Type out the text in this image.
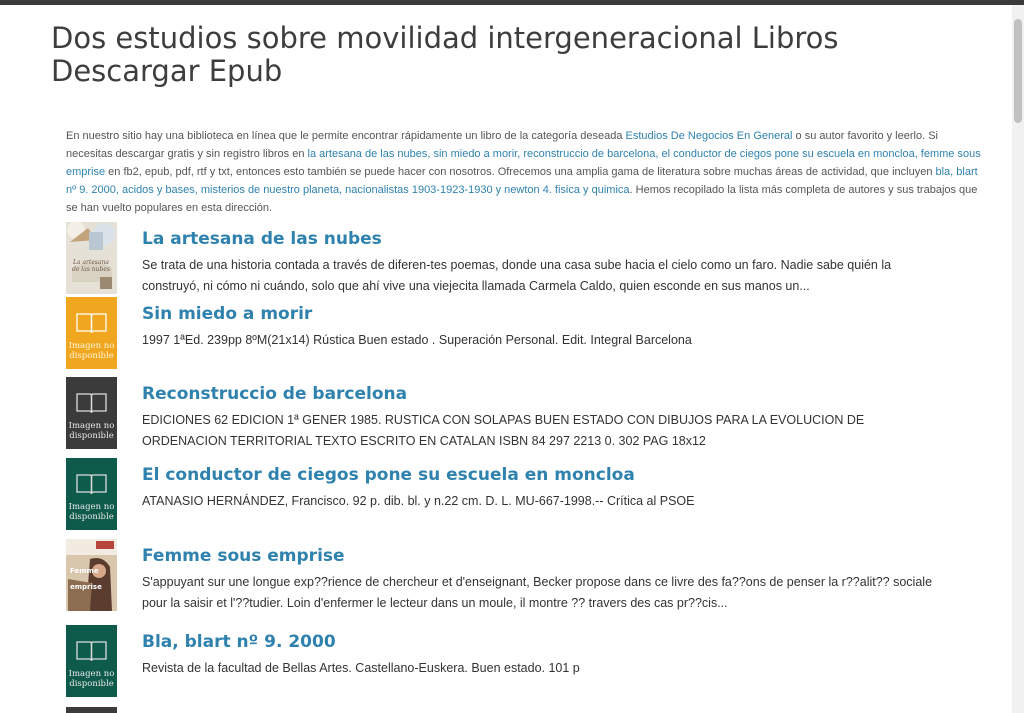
Dos estudios sobre movilidad intergeneracional Libros Descargar Epub

En nuestro sitio hay una biblioteca en línea que le permite encontrar rápidamente un libro de la categoría deseada Estudios De Negocios En General o su autor favorito y leerlo. Si necesitas descargar gratis y sin registro libros en la artesana de las nubes, sin miedo a morir, reconstruccio de barcelona, el conductor de ciegos pone su escuela en moncloa, femme sous emprise en fb2, epub, pdf, rtf y txt, entonces esto también se puede hacer con nosotros. Ofrecemos una amplia gama de literatura sobre muchas áreas de actividad, que incluyen bla, blart nº 9. 2000, acidos y bases, misterios de nuestro planeta, nacionalistas 1903-1923-1930 y newton 4. fisica y quimica. Hemos recopilado la lista más completa de autores y sus trabajos que se han vuelto populares en esta dirección.

La artesana
de las nubes
La artesana de las nubes

Se trata de una historia contada a través de diferen-tes poemas, donde una casa sube hacia el cielo como un faro. Nadie sabe quién la construyó, ni cómo ni cuándo, solo que ahí vive una viejecita llamada Carmela Caldo, quien esconde en sus manos un...

Imagen no disponible
Sin miedo a morir

1997 1ªEd. 239pp 8ºM(21x14) Rústica Buen estado . Superación Personal. Edit. Integral Barcelona

Imagen no disponible
Reconstruccio de barcelona

EDICIONES 62 EDICION 1ª GENER 1985. RUSTICA CON SOLAPAS BUEN ESTADO CON DIBUJOS PARA LA EVOLUCION DE ORDENACION TERRITORIAL TEXTO ESCRITO EN CATALAN ISBN 84 297 2213 0. 302 PAG 18x12

Imagen no disponible
El conductor de ciegos pone su escuela en moncloa

ATANASIO HERNÁNDEZ, Francisco. 92 p. dib. bl. y n.22 cm. D. L. MU-667-1998.-- Crítica al PSOE

Femme
emprise
Femme sous emprise

S'appuyant sur une longue exp??rience de chercheur et d'enseignant, Becker propose dans ce livre des fa??ons de penser la r??alit?? sociale pour la saisir et l'??tudier. Loin d'enfermer le lecteur dans un moule, il montre ?? travers des cas pr??cis...

Imagen no disponible
Bla, blart nº 9. 2000

Revista de la facultad de Bellas Artes. Castellano-Euskera. Buen estado. 101 p
